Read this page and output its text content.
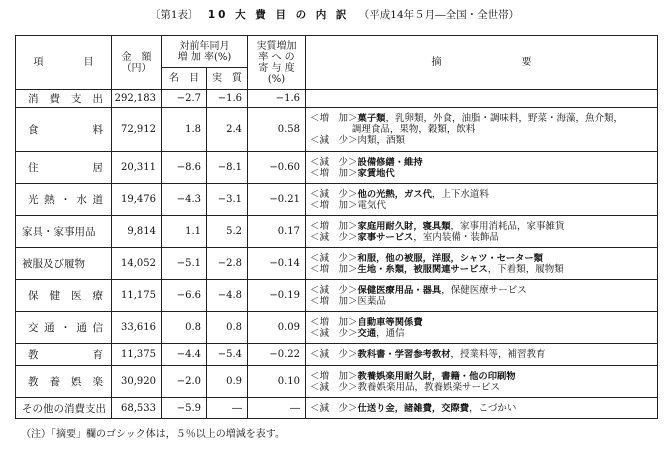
〔第1表〕 10 大 費 目 の 内 訳 （平成14年５月―全国・全世帯）
項　　　　目	金　額
（円）	対前年同月
増 加 率(%)		実質増加
率 へ の
寄 与 度
(%)	摘　　　　　　　　要
		名　目	実　質		
消費支出	292,183	−2.7	−1.6	−1.6	
食料	72,912	1.8	2.4	0.58	＜増　加＞菓子類，乳卵類，外食，油脂・調味料，野菜・海藻，魚介類，
調理食品，果物，穀類，飲料
＜減　少＞肉類，酒類

住居	20,311	−8.6	−8.1	−0.60	＜減　少＞設備修繕・維持
＜増　加＞家賃地代

光熱・水道	19,476	−4.3	−3.1	−0.21	＜減　少＞他の光熱，ガス代，上下水道料
＜増　加＞電気代

家具・家事用品	9,814	1.1	5.2	0.17	＜増　加＞家庭用耐久財，寝具類，家事用消耗品，家事雑貨
＜減　少＞家事サービス，室内装備・装飾品

被服及び履物	14,052	−5.1	−2.8	−0.14	＜減　少＞和服，他の被服，洋服，シャツ・セーター類
＜増　加＞生地・糸類，被服関連サービス，下着類，履物類

保健医療	11,175	−6.6	−4.8	−0.19	＜減　少＞保健医療用品・器具，保健医療サービス
＜増　加＞医薬品

交通・通信	33,616	0.8	0.8	0.09	＜増　加＞自動車等関係費
＜減　少＞交通，通信

教育	11,375	−4.4	−5.4	−0.22	＜減　少＞教科書・学習参考教材，授業料等，補習教育

教養娯楽	30,920	−2.0	0.9	0.10	＜増　加＞教養娯楽用耐久財，書籍・他の印刷物
＜減　少＞教養娯楽用品，教養娯楽サービス

その他の消費支出	68,533	−5.9	―	―	＜減　少＞仕送り金，諸雑費，交際費，こづかい
（注）「摘要」欄のゴシック体は，５％以上の増減を表す。
